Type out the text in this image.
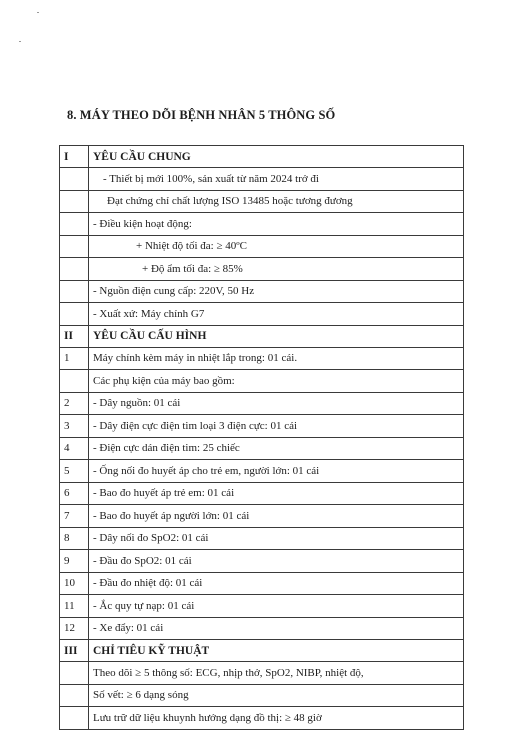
8. MÁY THEO DÕI BỆNH NHÂN 5 THÔNG SỐ
I	YÊU CẦU CHUNG
	- Thiết bị mới 100%, sản xuất từ năm 2024 trở đi
	Đạt chứng chỉ chất lượng ISO 13485 hoặc tương đương
	- Điều kiện hoạt động:
	+ Nhiệt độ tối đa: ≥ 40ºC
	+ Độ ẩm tối đa: ≥ 85%
	- Nguồn điện cung cấp: 220V, 50 Hz
	- Xuất xứ: Máy chính G7
II	YÊU CẦU CẤU HÌNH
1	Máy chính kèm máy in nhiệt lắp trong: 01 cái.
	Các phụ kiện của máy bao gồm:
2	- Dây nguồn: 01 cái
3	- Dây điện cực điện tim loại 3 điện cực: 01 cái
4	- Điện cực dán điện tim: 25 chiếc
5	- Ống nối đo huyết áp cho trẻ em, người lớn: 01 cái
6	- Bao đo huyết áp trẻ em: 01 cái
7	- Bao đo huyết áp người lớn: 01 cái
8	- Dây nối đo SpO2: 01 cái
9	- Đầu đo SpO2: 01 cái
10	- Đầu đo nhiệt độ: 01 cái
11	- Ắc quy tự nạp: 01 cái
12	- Xe đẩy: 01 cái
III	CHỈ TIÊU KỸ THUẬT
	Theo dõi ≥ 5 thông số: ECG, nhịp thở, SpO2, NIBP, nhiệt độ,
	Số vết: ≥ 6 dạng sóng
	Lưu trữ dữ liệu khuynh hướng dạng đồ thị: ≥ 48 giờ
